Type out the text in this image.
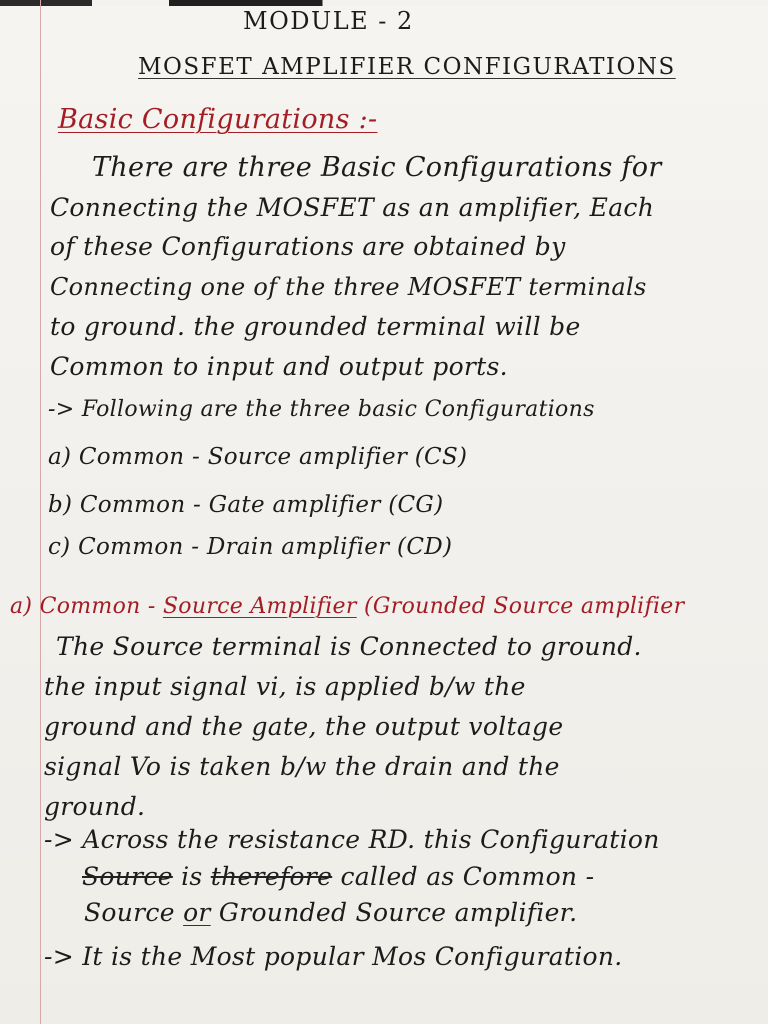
MODULE - 2

MOSFET AMPLIFIER CONFIGURATIONS

Basic Configurations :-

There are three Basic Configurations for

Connecting the MOSFET as an amplifier, Each

of these Configurations are obtained by

Connecting one of the three MOSFET terminals

to ground. the grounded terminal will be

Common to input and output ports.

-> Following are the three basic Configurations

a) Common - Source amplifier (CS)

b) Common - Gate amplifier (CG)

c) Common - Drain amplifier (CD)

a) Common - Source Amplifier (Grounded Source amplifier

The Source terminal is Connected to ground.

the input signal vi, is applied b/w the

ground and the gate, the output voltage

signal Vo is taken b/w the drain and the

ground.

-> Across the resistance RD. this Configuration

Source is therefore called as Common -

Source or Grounded Source amplifier.

-> It is the Most popular Mos Configuration.
